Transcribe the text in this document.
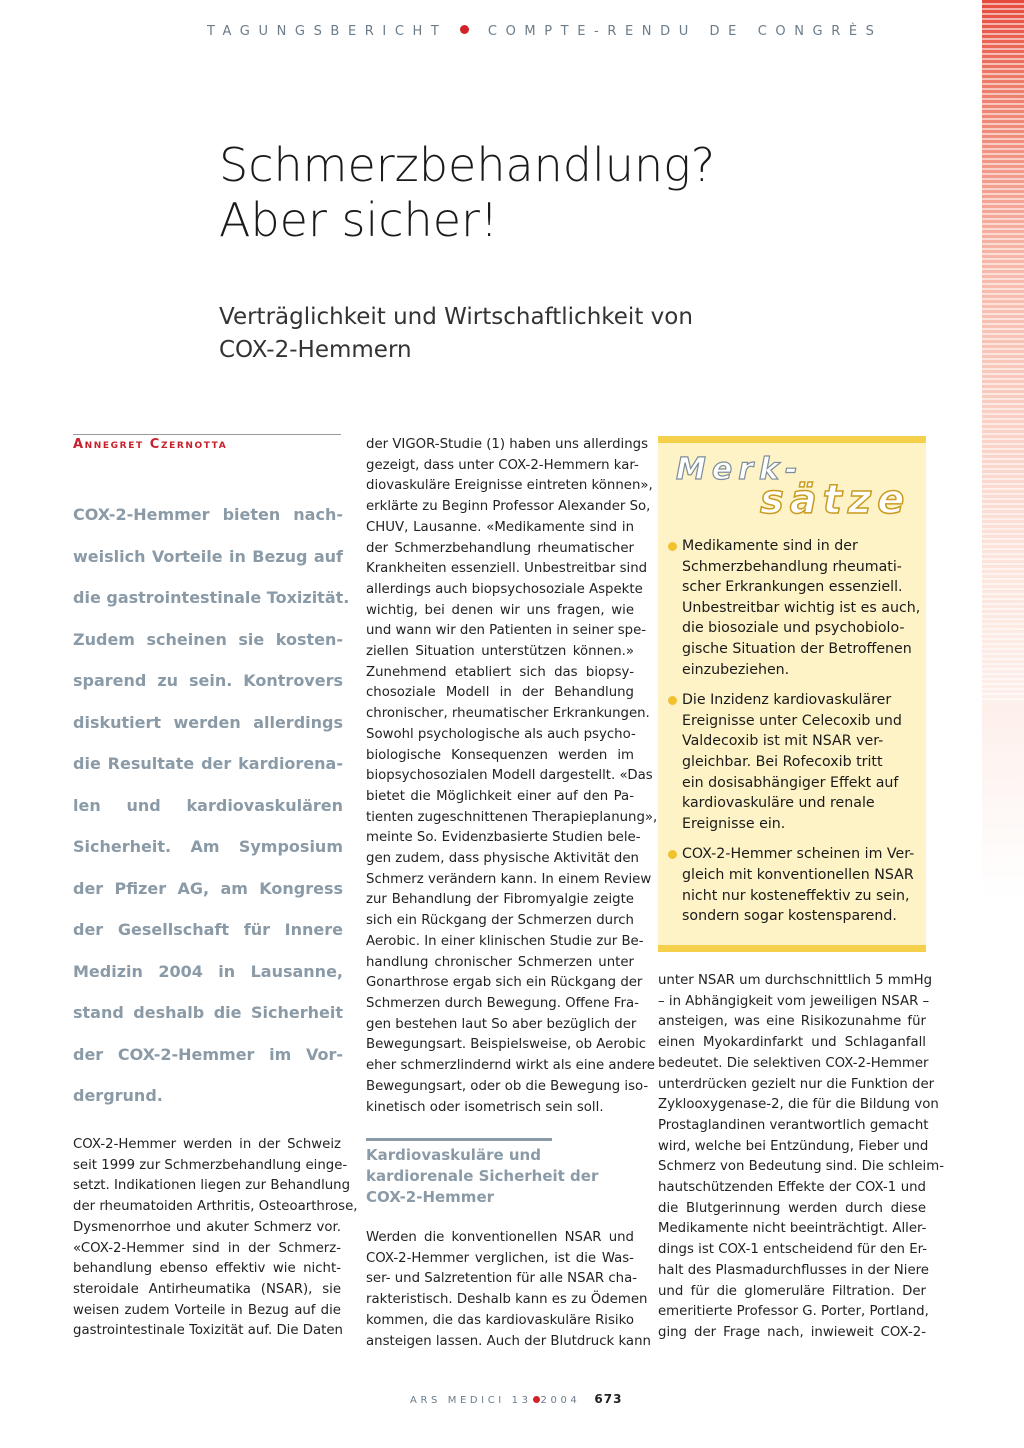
TAGUNGSBERICHT	COMPTE-RENDU DE CONGRÈS
Schmerzbehandlung?
Aber sicher!
Verträglichkeit und Wirtschaftlichkeit von
COX-2-Hemmern
Annegret Czernotta
COX-2-Hemmer bieten nach-
weislich Vorteile in Bezug auf
die gastrointestinale Toxizität.
Zudem scheinen sie kosten-
sparend zu sein. Kontrovers
diskutiert werden allerdings
die Resultate der kardiorena-
len und kardiovaskulären
Sicherheit. Am Symposium
der Pfizer AG, am Kongress
der Gesellschaft für Innere
Medizin 2004 in Lausanne,
stand deshalb die Sicherheit
der COX-2-Hemmer im Vor-
dergrund.
COX-2-Hemmer werden in der Schweiz
seit 1999 zur Schmerzbehandlung einge-
setzt. Indikationen liegen zur Behandlung
der rheumatoiden Arthritis, Osteoarthrose,
Dysmenorrhoe und akuter Schmerz vor.
«COX-2-Hemmer sind in der Schmerz-
behandlung ebenso effektiv wie nicht-
steroidale Antirheumatika (NSAR), sie
weisen zudem Vorteile in Bezug auf die
gastrointestinale Toxizität auf. Die Daten
der VIGOR-Studie (1) haben uns allerdings
gezeigt, dass unter COX-2-Hemmern kar-
diovaskuläre Ereignisse eintreten können»,
erklärte zu Beginn Professor Alexander So,
CHUV, Lausanne. «Medikamente sind in
der Schmerzbehandlung rheumatischer
Krankheiten essenziell. Unbestreitbar sind
allerdings auch biopsychosoziale Aspekte
wichtig, bei denen wir uns fragen, wie
und wann wir den Patienten in seiner spe-
ziellen Situation unterstützen können.»
Zunehmend etabliert sich das biopsy-
chosoziale Modell in der Behandlung
chronischer, rheumatischer Erkrankungen.
Sowohl psychologische als auch psycho-
biologische Konsequenzen werden im
biopsychosozialen Modell dargestellt. «Das
bietet die Möglichkeit einer auf den Pa-
tienten zugeschnittenen Therapieplanung»,
meinte So. Evidenzbasierte Studien bele-
gen zudem, dass physische Aktivität den
Schmerz verändern kann. In einem Review
zur Behandlung der Fibromyalgie zeigte
sich ein Rückgang der Schmerzen durch
Aerobic. In einer klinischen Studie zur Be-
handlung chronischer Schmerzen unter
Gonarthrose ergab sich ein Rückgang der
Schmerzen durch Bewegung. Offene Fra-
gen bestehen laut So aber bezüglich der
Bewegungsart. Beispielsweise, ob Aerobic
eher schmerzlindernd wirkt als eine andere
Bewegungsart, oder ob die Bewegung iso-
kinetisch oder isometrisch sein soll.
Kardiovaskuläre und
kardiorenale Sicherheit der
COX-2-Hemmer
Werden die konventionellen NSAR und
COX-2-Hemmer verglichen, ist die Was-
ser- und Salzretention für alle NSAR cha-
rakteristisch. Deshalb kann es zu Ödemen
kommen, die das kardiovaskuläre Risiko
ansteigen lassen. Auch der Blutdruck kann
Merk-
sätze
Medikamente sind in der
Schmerzbehandlung rheumati-
scher Erkrankungen essenziell.
Unbestreitbar wichtig ist es auch,
die biosoziale und psychobiolo-
gische Situation der Betroffenen
einzubeziehen.
Die Inzidenz kardiovaskulärer
Ereignisse unter Celecoxib und
Valdecoxib ist mit NSAR ver-
gleichbar. Bei Rofecoxib tritt
ein dosisabhängiger Effekt auf
kardiovaskuläre und renale
Ereignisse ein.
COX-2-Hemmer scheinen im Ver-
gleich mit konventionellen NSAR
nicht nur kosteneffektiv zu sein,
sondern sogar kostensparend.
unter NSAR um durchschnittlich 5 mmHg
– in Abhängigkeit vom jeweiligen NSAR –
ansteigen, was eine Risikozunahme für
einen Myokardinfarkt und Schlaganfall
bedeutet. Die selektiven COX-2-Hemmer
unterdrücken gezielt nur die Funktion der
Zyklooxygenase-2, die für die Bildung von
Prostaglandinen verantwortlich gemacht
wird, welche bei Entzündung, Fieber und
Schmerz von Bedeutung sind. Die schleim-
hautschützenden Effekte der COX-1 und
die Blutgerinnung werden durch diese
Medikamente nicht beeinträchtigt. Aller-
dings ist COX-1 entscheidend für den Er-
halt des Plasmadurchflusses in der Niere
und für die glomeruläre Filtration. Der
emeritierte Professor G. Porter, Portland,
ging der Frage nach, inwieweit COX-2-
ARS MEDICI 13 2004 673
